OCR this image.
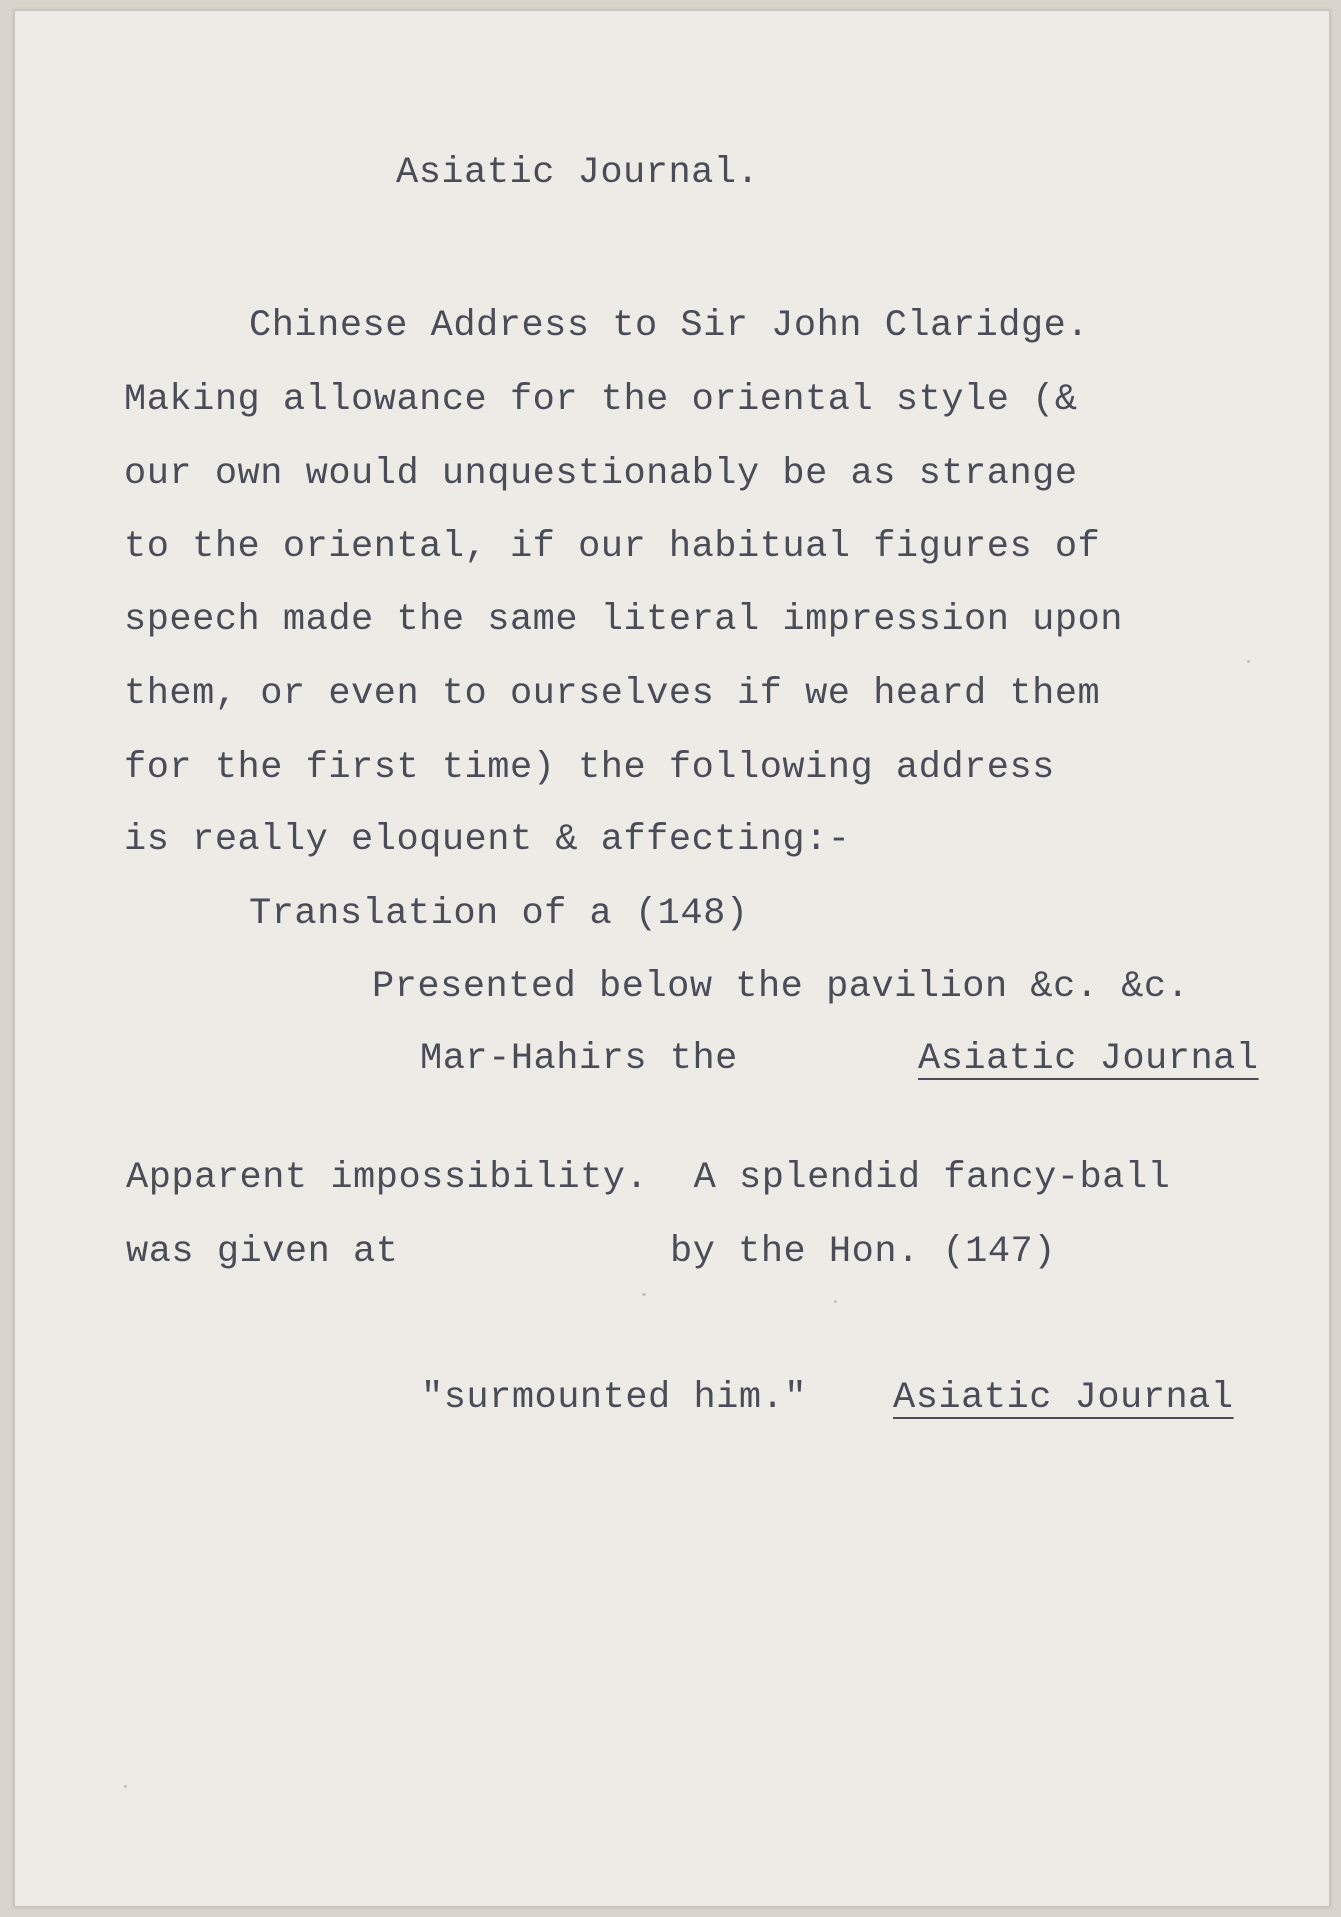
Asiatic Journal.
Chinese Address to Sir John Claridge.
Making allowance for the oriental style (&
our own would unquestionably be as strange
to the oriental, if our habitual figures of
speech made the same literal impression upon
them, or even to ourselves if we heard them
for the first time) the following address
is really eloquent & affecting:-
Translation of a (148)
Presented below the pavilion &c. &c.
Mar-Hahirs the	Asiatic Journal
Apparent impossibility.  A splendid fancy-ball
was given at	by the Hon. (147)
"surmounted him." Asiatic Journal
